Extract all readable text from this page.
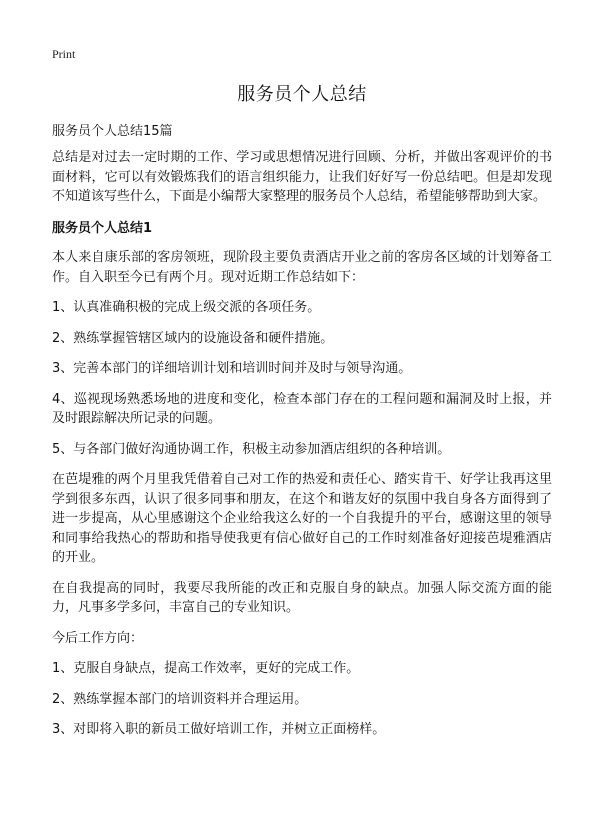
Print
服务员个人总结

服务员个人总结15篇

总结是对过去一定时期的工作、学习或思想情况进行回顾、分析，并做出客观评价的书面材料，它可以有效锻炼我们的语言组织能力，让我们好好写一份总结吧。但是却发现不知道该写些什么，下面是小编帮大家整理的服务员个人总结，希望能够帮助到大家。

服务员个人总结1

本人来自康乐部的客房领班，现阶段主要负责酒店开业之前的客房各区域的计划筹备工作。自入职至今已有两个月。现对近期工作总结如下：

1、认真准确积极的完成上级交派的各项任务。

2、熟练掌握管辖区域内的设施设备和硬件措施。

3、完善本部门的详细培训计划和培训时间并及时与领导沟通。

4、巡视现场熟悉场地的进度和变化，检查本部门存在的工程问题和漏洞及时上报，并及时跟踪解决所记录的问题。

5、与各部门做好沟通协调工作，积极主动参加酒店组织的各种培训。

在芭堤雅的两个月里我凭借着自己对工作的热爱和责任心、踏实肯干、好学让我再这里学到很多东西，认识了很多同事和朋友，在这个和谐友好的氛围中我自身各方面得到了进一步提高，从心里感谢这个企业给我这么好的一个自我提升的平台，感谢这里的领导和同事给我热心的帮助和指导使我更有信心做好自己的工作时刻准备好迎接芭堤雅酒店的开业。

在自我提高的同时，我要尽我所能的改正和克服自身的缺点。加强人际交流方面的能力，凡事多学多问，丰富自己的专业知识。

今后工作方向：

1、克服自身缺点，提高工作效率，更好的完成工作。

2、熟练掌握本部门的培训资料并合理运用。

3、对即将入职的新员工做好培训工作，并树立正面榜样。
